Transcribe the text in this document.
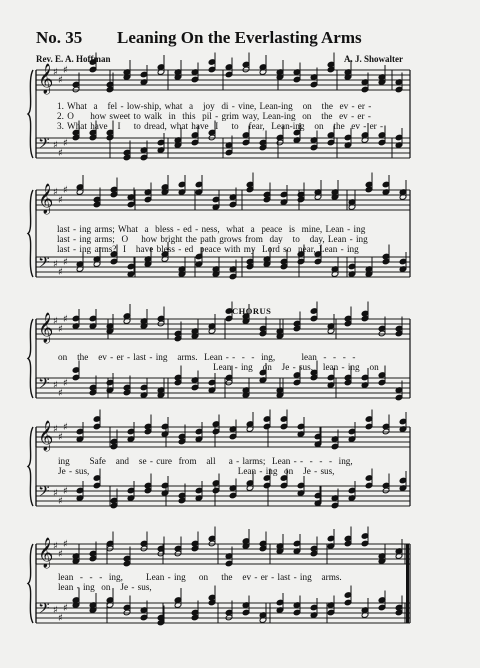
𝄞 ♯
♯
♯
𝄢 ♯
♯
♯
𝄞 ♯
♯
♯
𝄢 ♯
♯
♯
𝄞 ♯
♯
♯
𝄢 ♯
♯
♯
𝄞 ♯
♯
♯
𝄢 ♯
♯
♯
𝄞 ♯
♯
♯
𝄢 ♯
♯
♯
No. 35 Leaning On the Everlasting Arms
Rev. E. A. Hoffman	A. J. Showalter
CHORUS
1. What  a   fel - low-ship, what  a   joy  di - vine, Lean-ing   on   the  ev - er -
2. O     how sweet to walk  in  this  pil - grim way, Lean-ing  on   the  ev - er -
3. What have   I    to dread, what have  I    to   fear,  Lean-ing   on   the  ev - er -
last - ing arms; What  a  bless - ed - ness,  what  a  peace  is  mine, Lean - ing
last - ing arms;  O    how bright the path grows from  day   to   day, Lean - ing
last - ing arms?  I   have bless - ed  peace with my  Lord so  near, Lean - ing
on   the   ev - er - last - ing   arms.  Lean - -  -  -  ing,        lean  -  -  -  -
Lean - ing   on   Je - sus,   lean - ing   on
ing      Safe   and   se - cure  from   all    a - larms;  Lean - -  -  -  -  ing,
Je - sus,                                             Lean - ing  on   Je - sus,
lean  -  -  -  ing,       Lean - ing    on    the   ev - er - last - ing   arms.
lean - ing  on   Je - sus,
